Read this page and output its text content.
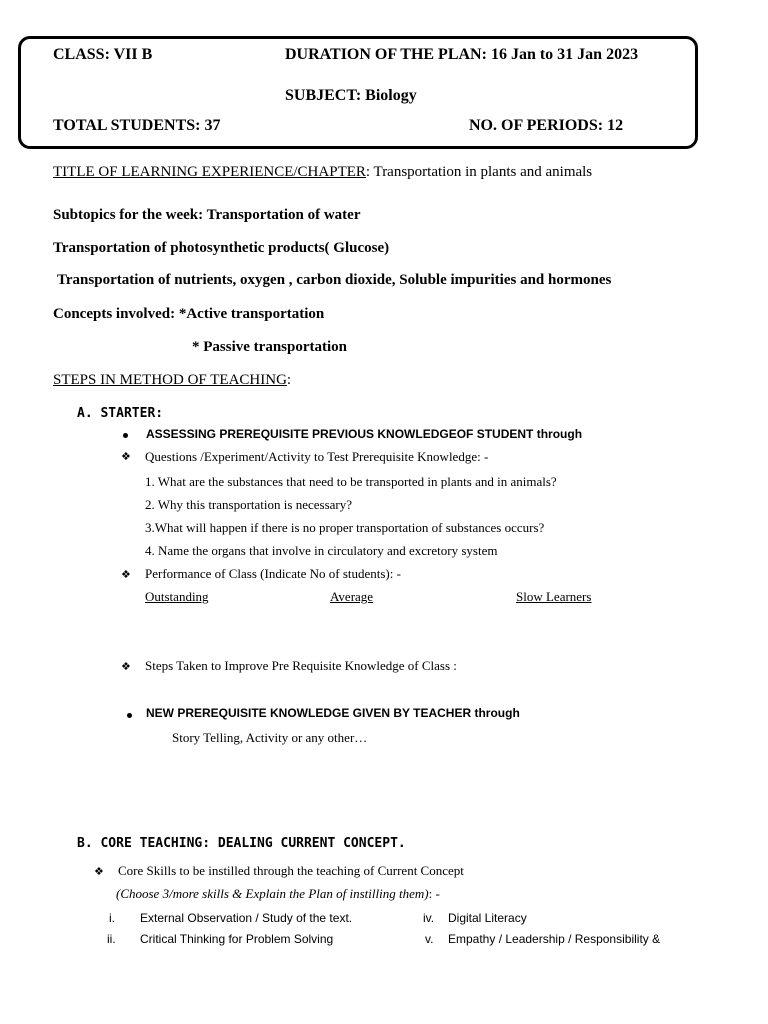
CLASS: VII B	DURATION OF THE PLAN: 16 Jan to 31 Jan 2023
SUBJECT: Biology
TOTAL STUDENTS: 37	NO. OF PERIODS: 12
TITLE OF LEARNING EXPERIENCE/CHAPTER: Transportation in plants and animals
Subtopics for the week: Transportation of water
Transportation of photosynthetic products( Glucose)
Transportation of nutrients, oxygen , carbon dioxide, Soluble impurities and hormones
Concepts involved: *Active transportation
* Passive transportation
STEPS IN METHOD OF TEACHING:
A. STARTER:
ASSESSING PREREQUISITE PREVIOUS KNOWLEDGEOF STUDENT through
❖ Questions /Experiment/Activity to Test Prerequisite Knowledge: -
1. What are the substances that need to be transported in plants and in animals?
2. Why this transportation is necessary?
3.What will happen if there is no proper transportation of substances occurs?
4. Name the organs that involve in circulatory and excretory system
❖ Performance of Class (Indicate No of students): -
Outstanding	Average	Slow Learners
❖ Steps Taken to Improve Pre Requisite Knowledge of Class :
NEW PREREQUISITE KNOWLEDGE GIVEN BY TEACHER through
Story Telling, Activity or any other…
B. CORE TEACHING: DEALING CURRENT CONCEPT.
❖ Core Skills to be instilled through the teaching of Current Concept
(Choose 3/more skills & Explain the Plan of instilling them): -
i. External Observation / Study of the text.	iv. Digital Literacy
ii. Critical Thinking for Problem Solving	v. Empathy / Leadership / Responsibility &
